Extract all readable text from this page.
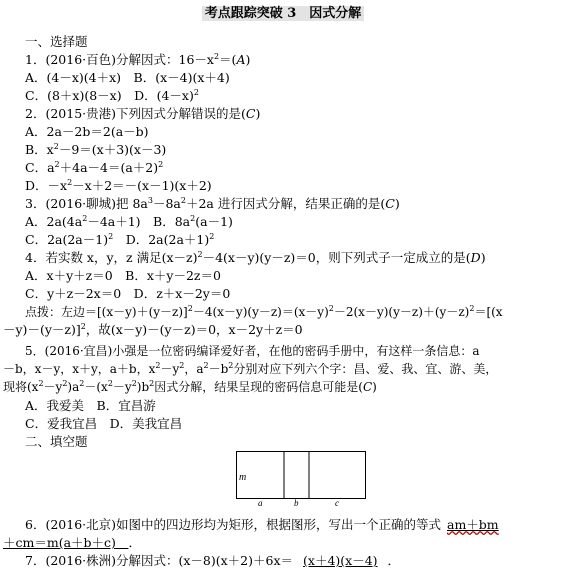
考点跟踪突破 3　因式分解
一、选择题
1．(2016·百色)分解因式：$16-x^2=(A)$
A．(4－x)(4＋x)　B．(x－4)(x＋4)
C．(8＋x)(8－x)　D．$(4-x)^2$
2．(2015·贵港)下列因式分解错误的是(C)
A．2a－2b＝2(a－b)
B．$x^2-9=(x+3)(x-3)$
C．$a^2+4a-4=(a+2)^2$
D．$-x^2-x+2=-(x-1)(x+2)$
3．(2016·聊城)把 $8a^3-8a^2+2a$ 进行因式分解，结果正确的是(C)
A．$2a(4a^2-4a+1)$　B．$8a^2(a-1)$
C．$2a(2a-1)^2$　D．$2a(2a+1)^2$
4．若实数 x，y，z 满足$(x-z)^2-4(x-y)(y-z)=0$，则下列式子一定成立的是(D)
A．x＋y＋z＝0　B．x＋y－2z＝0
C．y＋z－2x＝0　D．z＋x－2y＝0
点拨：左边$=[(x-y)+(y-z)]^2-4(x-y)(y-z)=(x-y)^2-2(x-y)(y-z)+(y-z)^2=[(x$
－y)－(y－z)]$^2$，故(x－y)－(y－z)＝0，x－2y＋z＝0
5．(2016·宜昌)小强是一位密码编译爱好者，在他的密码手册中，有这样一条信息：a
－b，x－y，x＋y，a＋b，$x^2-y^2$，$a^2-b^2$分别对应下列六个字：昌、爱、我、宜、游、美，
现将$(x^2-y^2)a^2-(x^2-y^2)b^2$因式分解，结果呈现的密码信息可能是(C)
A．我爱美　B．宜昌游
C．爱我宜昌　D．美我宜昌
二、填空题
m
a	b	c
6．(2016·北京)如图中的四边形均为矩形，根据图形，写出一个正确的等式 am＋bm
＋cm＝m(a＋b＋c)　 ．
7．(2016·株洲)分解因式：(x－8)(x＋2)＋6x＝ (x＋4)(x－4) ．
